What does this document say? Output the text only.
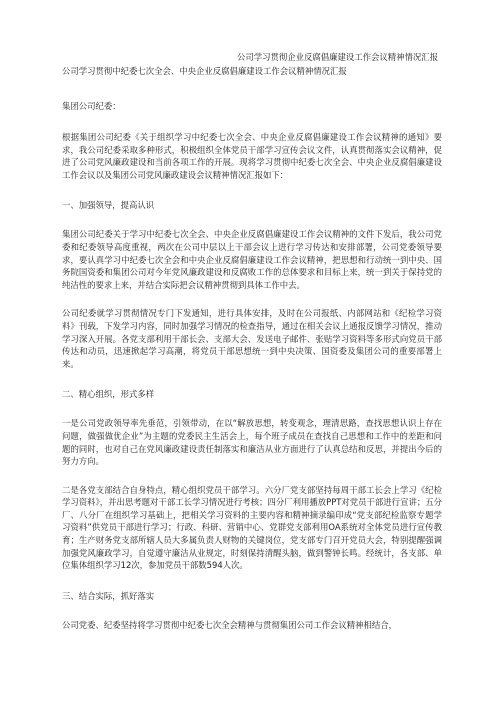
公司学习贯彻企业反腐倡廉建设工作会议精神情况汇报

公司学习贯彻中纪委七次全会、中央企业反腐倡廉建设工作会议精神情况汇报

集团公司纪委：

根据集团公司纪委《关于组织学习中纪委七次全会、中央企业反腐倡廉建设工作会议精神的通知》要求，我公司纪委采取多种形式，积极组织全体党员干部学习宣传会议文件，认真贯彻落实会议精神，促进了公司党风廉政建设和当前各项工作的开展。现将学习贯彻中纪委七次全会、中央企业反腐倡廉建设工作会议以及集团公司党风廉政建设会议精神情况汇报如下：

一、加强领导，提高认识

集团公司纪委关于学习中纪委七次全会、中央企业反腐倡廉建设工作会议精神的文件下发后，我公司党委和纪委领导高度重视，两次在公司中层以上干部会议上进行学习传达和安排部署，公司党委领导要求，要认真学习中纪委七次全会和中央企业反腐倡廉建设工作会议精神，把思想和行动统一到中央、国务院国资委和集团公司对今年党风廉政建设和反腐败工作的总体要求和目标上来，统一到关于保持党的纯洁性的要求上来，并结合实际把会议精神贯彻到具体工作中去。

公司纪委就学习贯彻情况专门下发通知，进行具体安排，及时在公司报纸、内部网站和《纪检学习资料》刊载，下发学习内容，同时加强学习情况的检查指导，通过在相关会议上通报反馈学习情况，推动学习深入开展。各党支部利用干部长会、支部大会、发送电子邮件、张贴学习资料等多形式向党员干部传达和动员，迅速掀起学习高潮，将党员干部思想统一到中央决策、国资委及集团公司的重要部署上来。

二、精心组织，形式多样

一是公司党政领导率先垂范，引领带动，在以“解放思想，转变观念，理清思路，查找思想认识上存在问题，做强做优企业”为主题的党委民主生活会上，每个班子成员在查找自己思想和工作中的差距和问题的同时，也对自己在党风廉政建设责任制落实和廉洁从业方面进行了认真总结和反思，并提出今后的努力方向。

二是各党支部结合自身特点，精心组织党员干部学习。六分厂党支部坚持每周干部工长会上学习《纪检学习资料》，并出思考题对干部工长学习情况进行考核；四分厂利用播放PPT对党员干部进行宣讲；五分厂、八分厂在组织学习基础上，把相关学习资料的主要内容和精神摘录编印成“党支部纪检监察专题学习资料”供党员干部进行学习；行政、科研、营销中心、党群党支部利用OA系统对全体党员进行宣传教育；生产财务党支部所辖人员大多属负责人财物的关键岗位，党支部专门召开党员大会，特别提醒强调加强党风廉政学习，自觉遵守廉洁从业规定，时刻保持清醒头脑，做到警钟长鸣。经统计，各支部、单位集体组织学习12次，参加党员干部数594人次。

三、结合实际，抓好落实

公司党委、纪委坚持将学习贯彻中纪委七次全会精神与贯彻集团公司工作会议精神相结合，
